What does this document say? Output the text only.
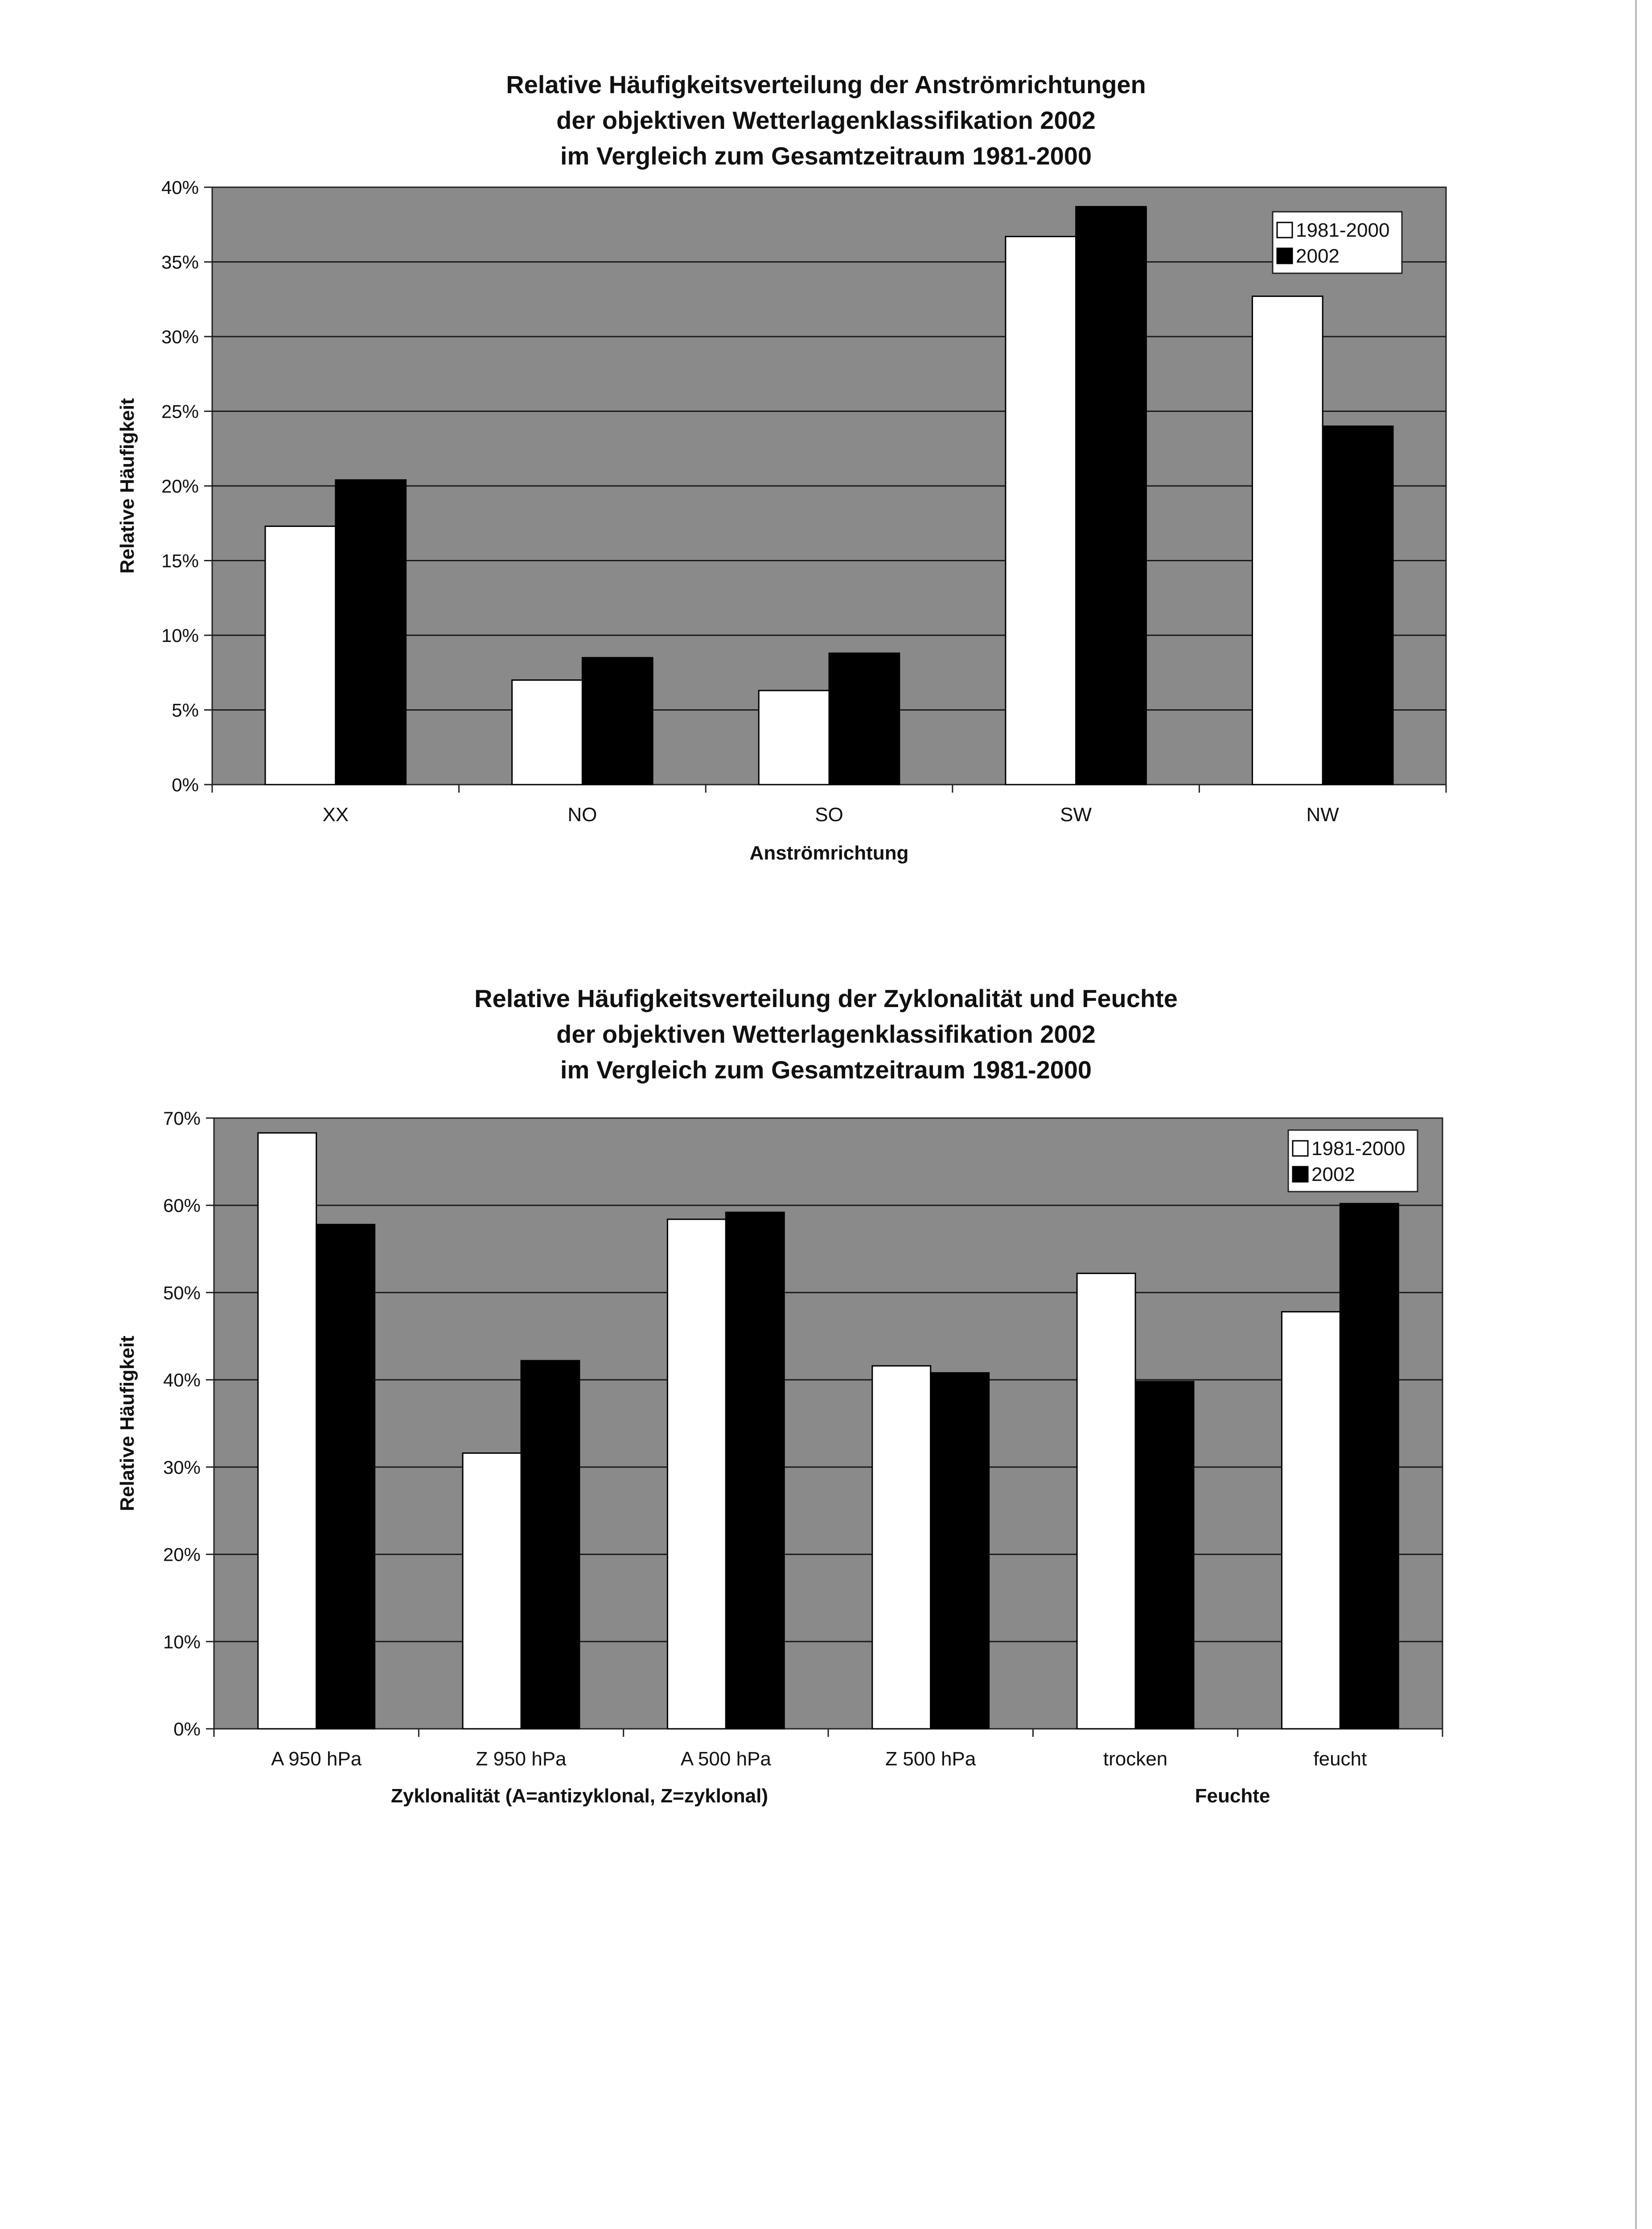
Relative Häufigkeitsverteilung der Anströmrichtungen
der objektiven Wetterlagenklassifikation 2002
im Vergleich zum Gesamtzeitraum 1981-2000
0%
5%
10%
15%
20%
25%
30%
35%
40%
Relative Häufigkeit
XX	NO	SO	SW	NW
Anströmrichtung
1981-2000
2002
Relative Häufigkeitsverteilung der Zyklonalität und Feuchte
der objektiven Wetterlagenklassifikation 2002
im Vergleich zum Gesamtzeitraum 1981-2000
0%
10%
20%
30%
40%
50%
60%
70%
Relative Häufigkeit
A 950 hPa	Z 950 hPa	A 500 hPa	Z 500 hPa	trocken	feucht
Zyklonalität (A=antizyklonal, Z=zyklonal)	Feuchte
1981-2000
2002
